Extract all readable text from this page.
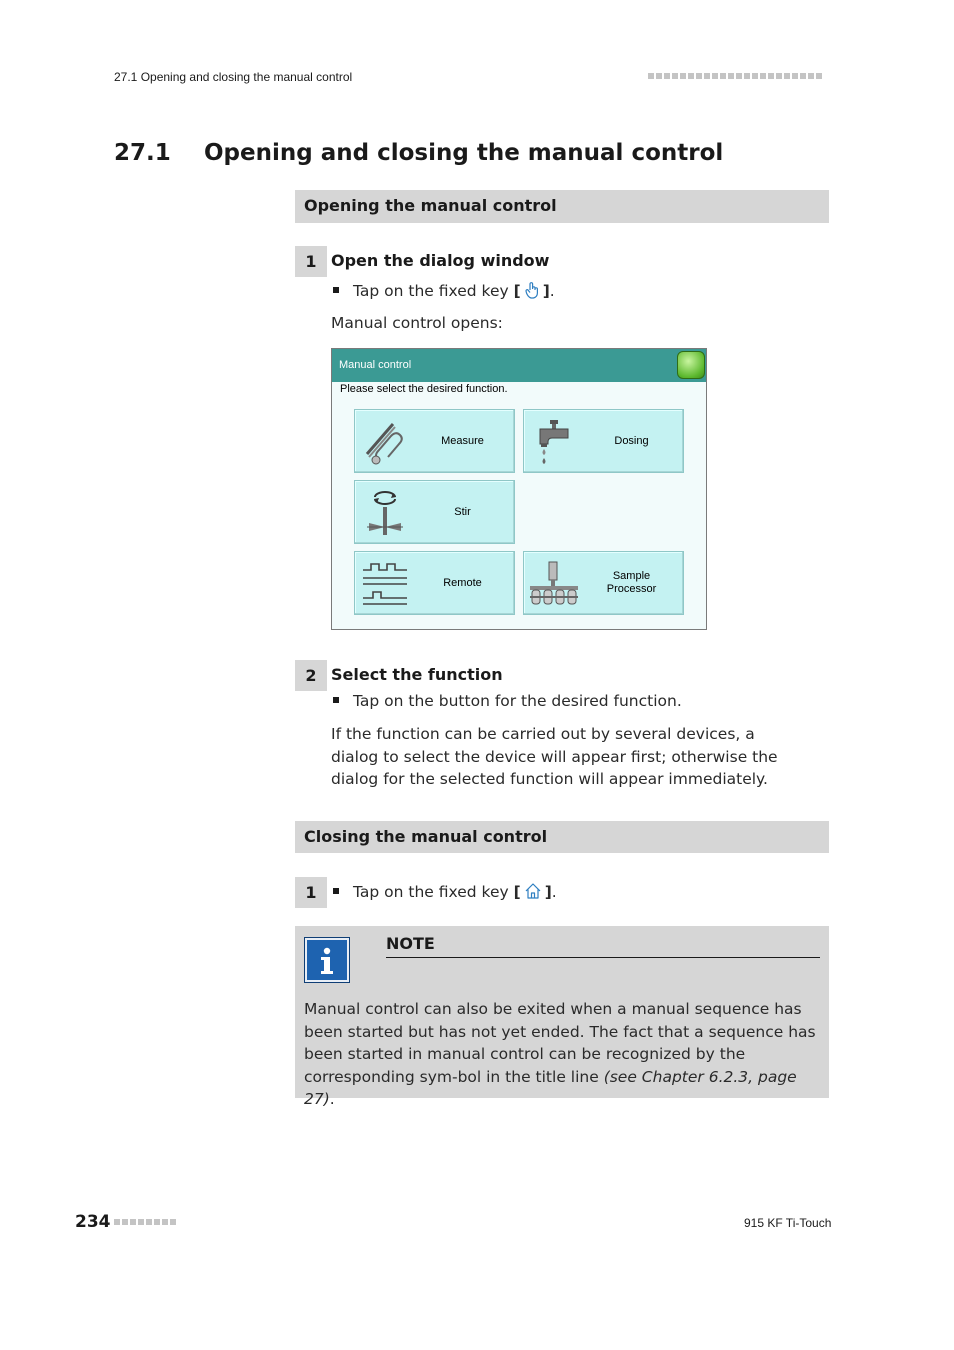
27.1 Opening and closing the manual control
27.1 Opening and closing the manual control
Opening the manual control
1 Open the dialog window
Tap on the fixed key [ ].
Manual control opens:
Manual control
Please select the desired function.
Measure	Dosing
Stir
Remote
Sample
Processor
2 Select the function
Tap on the button for the desired function.
If the function can be carried out by several devices, a dialog to select the device will appear first; otherwise the dialog for the selected function will appear immediately.
Closing the manual control
1	Tap on the fixed key [ ].
NOTE
Manual control can also be exited when a manual sequence has been started but has not yet ended. The fact that a sequence has been started in manual control can be recognized by the corresponding sym-bol in the title line (see Chapter 6.2.3, page 27).
234	915 KF Ti-Touch
